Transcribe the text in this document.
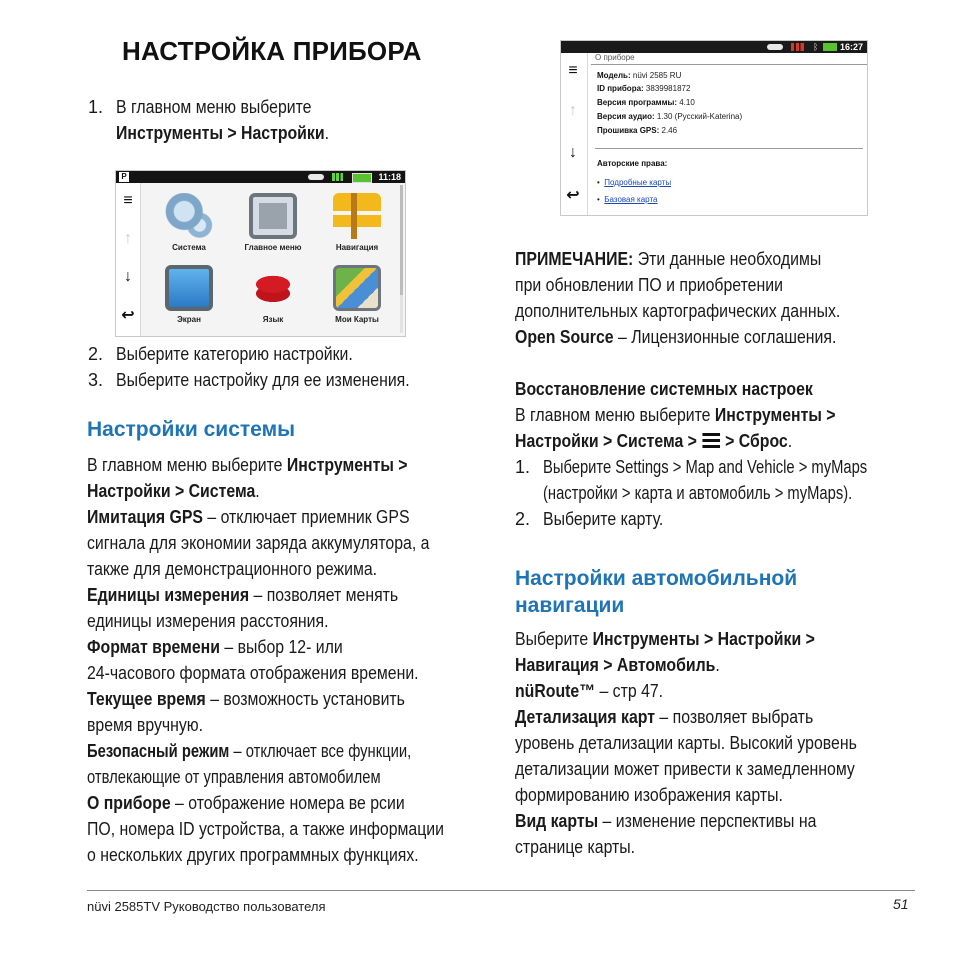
НАСТРОЙКА ПРИБОРА
1. В главном меню выберите
Инструменты > Настройки.
P	11:18
≡
↑
↓
↩
Система	Главное меню	Навигация
Экран	Язык	Мои Карты
2. Выберите категорию настройки.
3. Выберите настройку для ее изменения.
Настройки системы
В главном меню выберите Инструменты >
Настройки > Система.
Имитация GPS – отключает приемник GPS
сигнала для экономии заряда аккумулятора, а
также для демонстрационного режима.
Единицы измерения – позволяет менять
единицы измерения расстояния.
Формат времени – выбор 12- или
24-часового формата отображения времени.
Текущее время – возможность установить
время вручную.
Безопасный режим – отключает все функции,
отвлекающие от управления автомобилем
О приборе – отображение номера ве рсии
ПО, номера ID устройства, а также информации
о нескольких других программных функциях.
ᛒ 16:27
≡
↑
↓
↩
О приборе
Модель: nüvi 2585 RU
ID прибора: 3839981872
Версия программы: 4.10
Версия аудио: 1.30 (Русский-Katerina)
Прошивка GPS: 2.46
Авторские права:
•  Подробные карты
•  Базовая карта
ПРИМЕЧАНИЕ: Эти данные необходимы
при обновлении ПО и приобретении
дополнительных картографических данных.
Open Source – Лицензионные соглашения.
Восстановление системных настроек
В главном меню выберите Инструменты >
Настройки > Система > > Сброс.
1. Выберите Settings > Map and Vehicle > myMaps
(настройки > карта и автомобиль > myMaps).
2. Выберите карту.
Настройки автомобильной
навигации
Выберите Инструменты > Настройки >
Навигация > Автомобиль.
nüRoute™ – стр 47.
Детализация карт – позволяет выбрать
уровень детализации карты. Высокий уровень
детализации может привести к замедленному
формированию изображения карты.
Вид карты – изменение перспективы на
странице карты.
nüvi 2585TV Руководство пользователя	51
